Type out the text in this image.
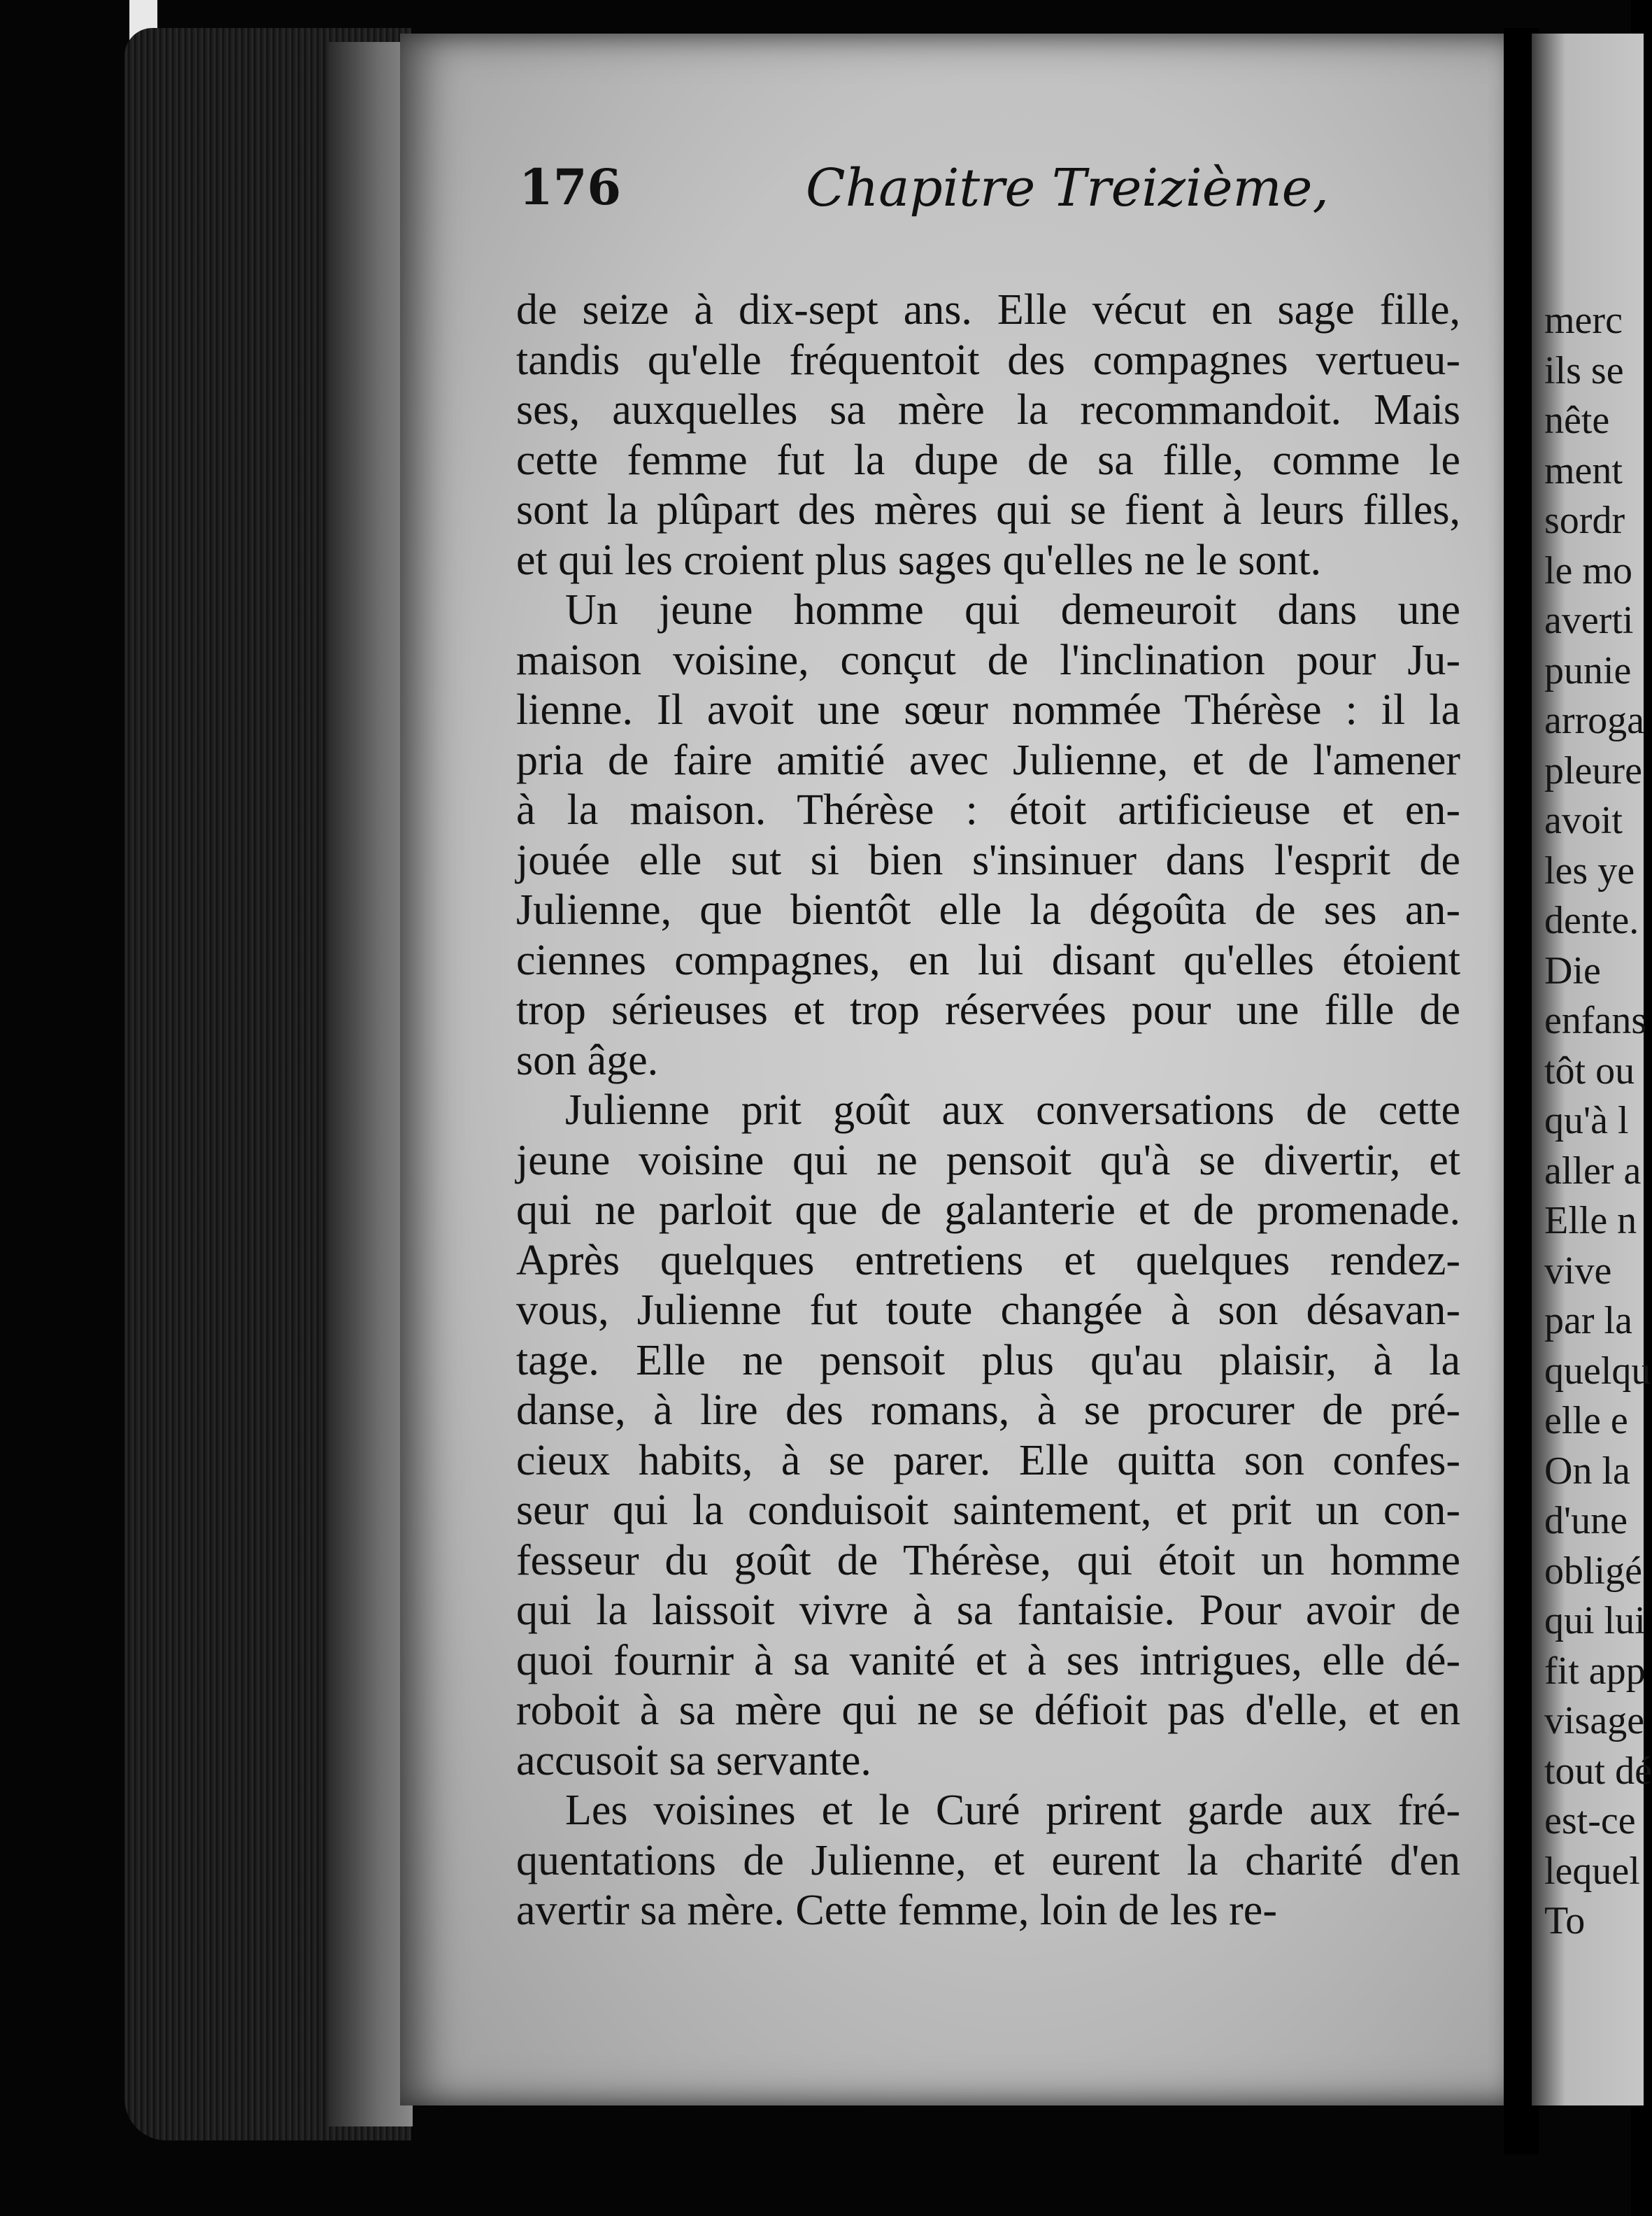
176	Chapitre Treizième,
de seize à dix-sept ans. Elle vécut en sage fille,
tandis qu'elle fréquentoit des compagnes vertueu-
ses, auxquelles sa mère la recommandoit. Mais
cette femme fut la dupe de sa fille, comme le
sont la plûpart des mères qui se fient à leurs filles,
et qui les croient plus sages qu'elles ne le sont.
Un jeune homme qui demeuroit dans une
maison voisine, conçut de l'inclination pour Ju-
lienne. Il avoit une sœur nommée Thérèse : il la
pria de faire amitié avec Julienne, et de l'amener
à la maison. Thérèse : étoit artificieuse et en-
jouée elle sut si bien s'insinuer dans l'esprit de
Julienne, que bientôt elle la dégoûta de ses an-
ciennes compagnes, en lui disant qu'elles étoient
trop sérieuses et trop réservées pour une fille de
son âge.
Julienne prit goût aux conversations de cette
jeune voisine qui ne pensoit qu'à se divertir, et
qui ne parloit que de galanterie et de promenade.
Après quelques entretiens et quelques rendez-
vous, Julienne fut toute changée à son désavan-
tage. Elle ne pensoit plus qu'au plaisir, à la
danse, à lire des romans, à se procurer de pré-
cieux habits, à se parer. Elle quitta son confes-
seur qui la conduisoit saintement, et prit un con-
fesseur du goût de Thérèse, qui étoit un homme
qui la laissoit vivre à sa fantaisie. Pour avoir de
quoi fournir à sa vanité et à ses intrigues, elle dé-
roboit à sa mère qui ne se défioit pas d'elle, et en
accusoit sa servante.
Les voisines et le Curé prirent garde aux fré-
quentations de Julienne, et eurent la charité d'en
avertir sa mère. Cette femme, loin de les re-
merc
ils se
nête
ment
sordr
le mo
averti
punie
arroga
pleure
avoit
les ye
dente.
Die
enfans
tôt ou
qu'à l
aller a
Elle n
vive
par la
quelqu
elle e
On la
d'une
obligé
qui lui
fit app
visage
tout dé
est-ce
lequel
To
